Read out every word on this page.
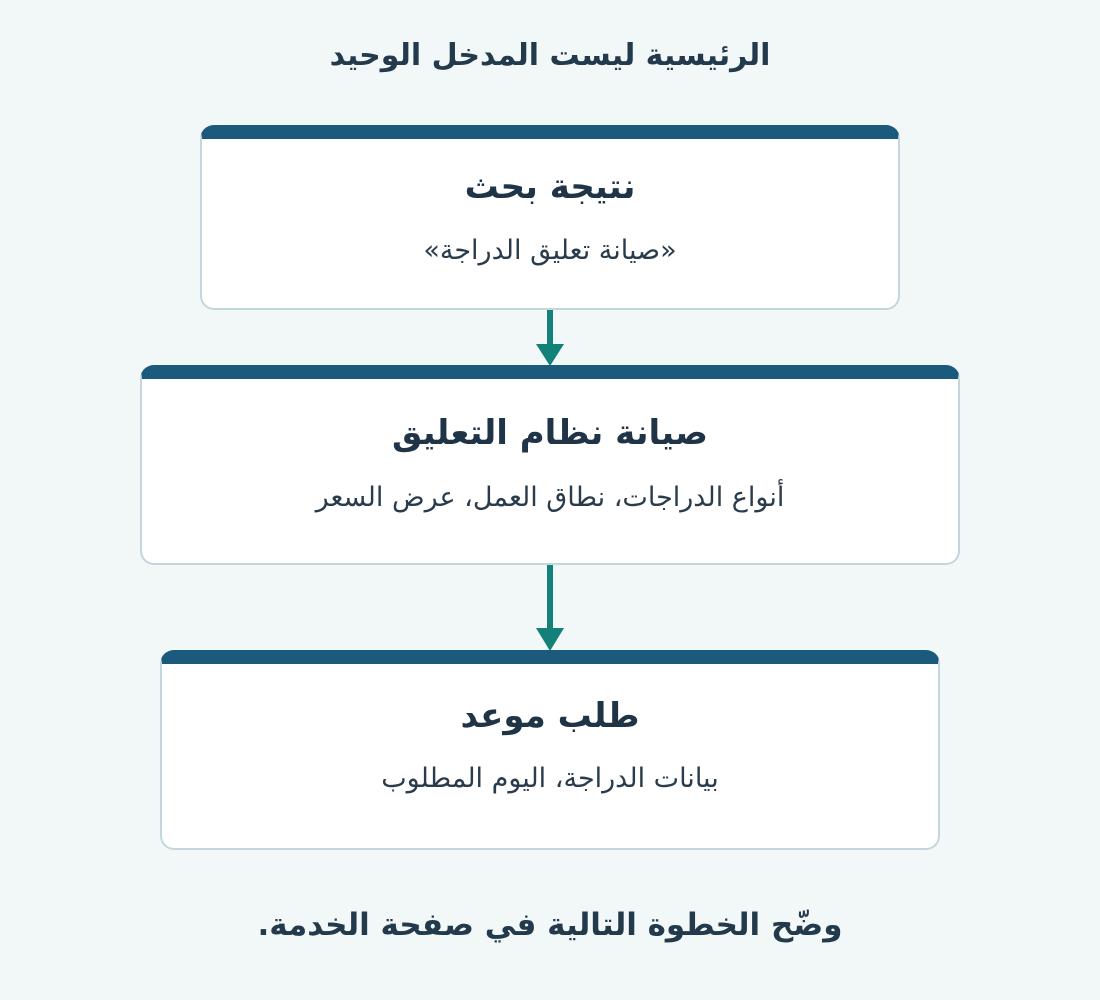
الرئيسية ليست المدخل الوحيد
نتيجة بحث
«صيانة تعليق الدراجة»
صيانة نظام التعليق
أنواع الدراجات، نطاق العمل، عرض السعر
طلب موعد
بيانات الدراجة، اليوم المطلوب
وضّح الخطوة التالية في صفحة الخدمة.
